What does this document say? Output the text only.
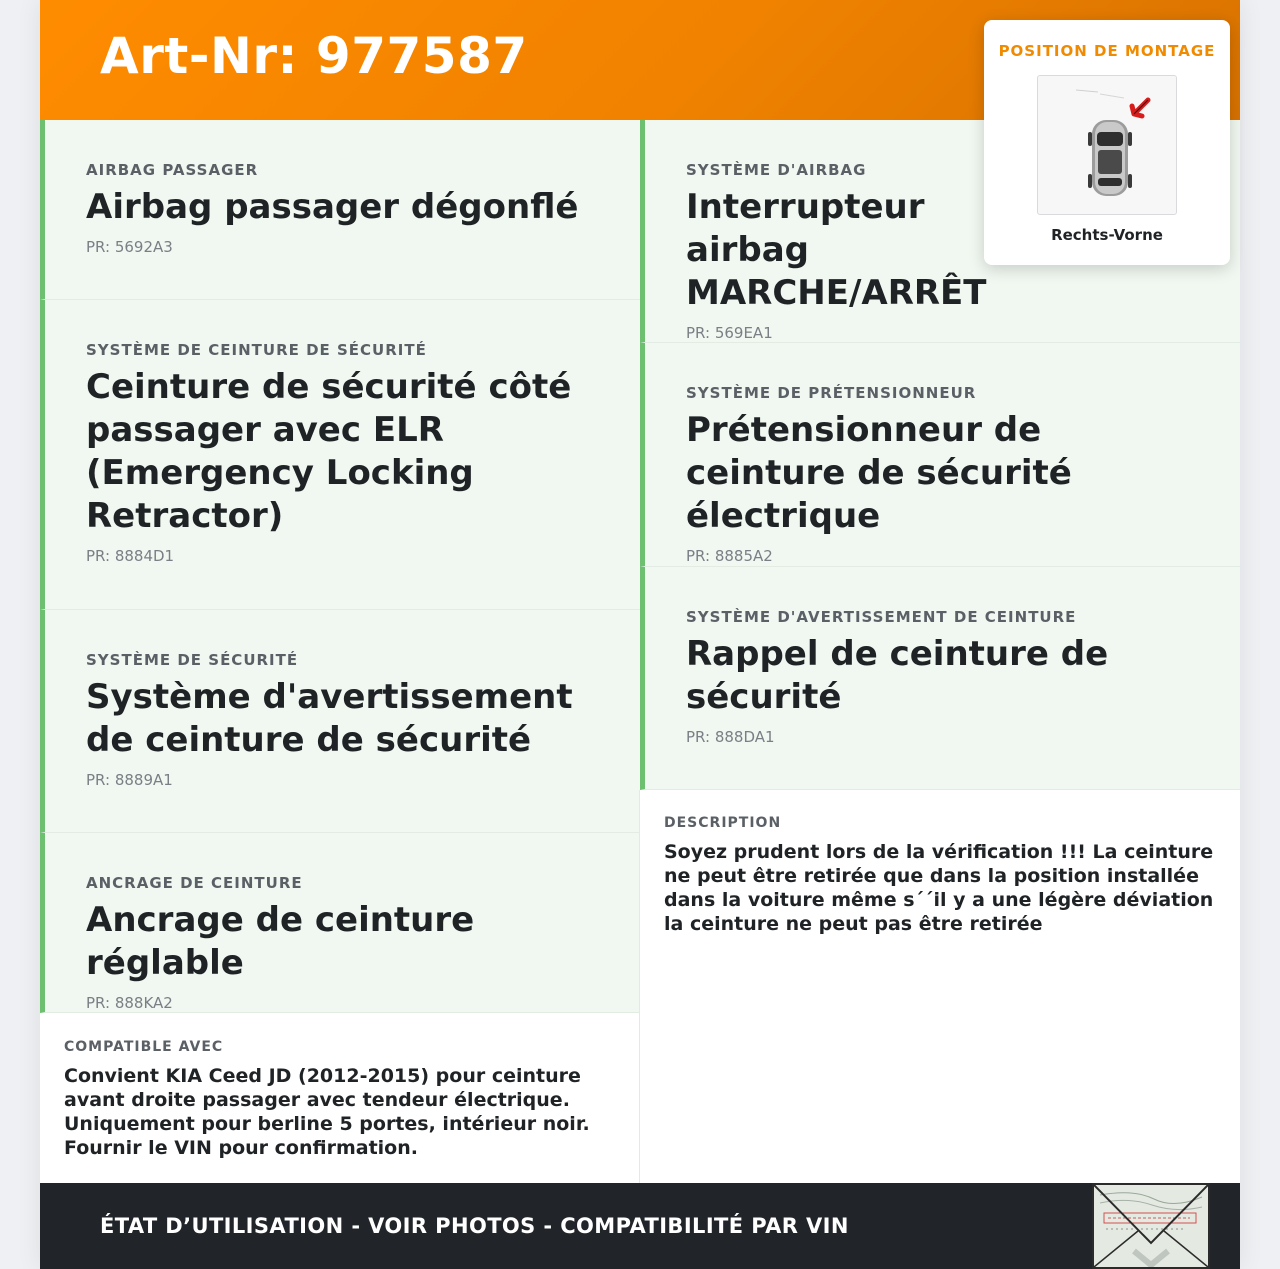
Art-Nr: 977587
AIRBAG PASSAGER
Airbag passager dégonflé
PR: 5692A3
SYSTÈME DE CEINTURE DE SÉCURITÉ
Ceinture de sécurité côté passager avec ELR (Emergency Locking Retractor)
PR: 8884D1
SYSTÈME DE SÉCURITÉ
Système d'avertissement de ceinture de sécurité
PR: 8889A1
ANCRAGE DE CEINTURE
Ancrage de ceinture réglable
PR: 888KA2
SYSTÈME D'AIRBAG
Interrupteur airbag MARCHE/ARRÊT
PR: 569EA1
SYSTÈME DE PRÉTENSIONNEUR
Prétensionneur de ceinture de sécurité électrique
PR: 8885A2
SYSTÈME D'AVERTISSEMENT DE CEINTURE
Rappel de ceinture de sécurité
PR: 888DA1
COMPATIBLE AVEC
Convient KIA Ceed JD (2012-2015) pour ceinture avant droite passager avec tendeur électrique. Uniquement pour berline 5 portes, intérieur noir. Fournir le VIN pour confirmation.
DESCRIPTION
Soyez prudent lors de la vérification !!! La ceinture ne peut être retirée que dans la position installée dans la voiture même s´´il y a une légère déviation la ceinture ne peut pas être retirée
ÉTAT D’UTILISATION - VOIR PHOTOS - COMPATIBILITÉ PAR VIN
POSITION DE MONTAGE
Rechts-Vorne
